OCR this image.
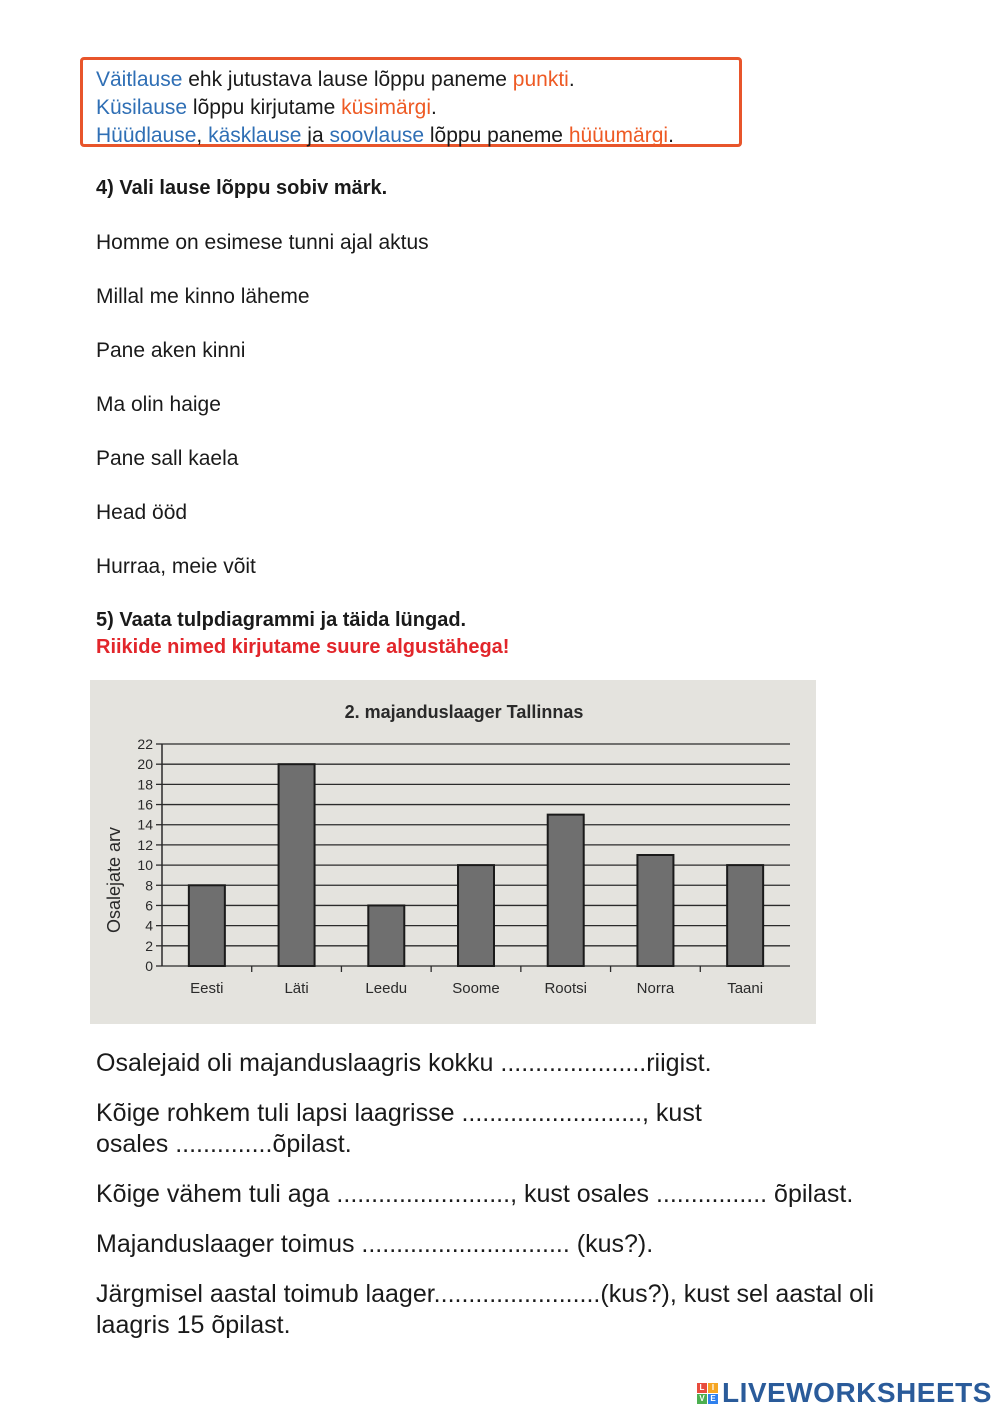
Väitlause ehk jutustava lause lõppu paneme punkti.
Küsilause lõppu kirjutame küsimärgi.
Hüüdlause, käsklause ja soovlause lõppu paneme hüüumärgi.
4) Vali lause lõppu sobiv märk.
Homme on esimese tunni ajal aktus
Millal me kinno läheme
Pane aken kinni
Ma olin haige
Pane sall kaela
Head ööd
Hurraa, meie võit
5) Vaata tulpdiagrammi ja täida lüngad.
Riikide nimed kirjutame suure algustähega!
2. majanduslaager Tallinnas
Osalejate arv
0
2
4
6
8
10
12
14
16
18
20
22
Eesti	Läti	Leedu	Soome	Rootsi	Norra	Taani
Osalejaid oli majanduslaagris kokku .....................riigist.
Kõige rohkem tuli lapsi laagrisse .........................., kust
osales ..............õpilast.
Kõige vähem tuli aga ........................., kust osales ................ õpilast.
Majanduslaager toimus .............................. (kus?).
Järgmisel aastal toimub laager........................(kus?), kust sel aastal oli
laagris 15 õpilast.
L I
V E LIVEWORKSHEETS
